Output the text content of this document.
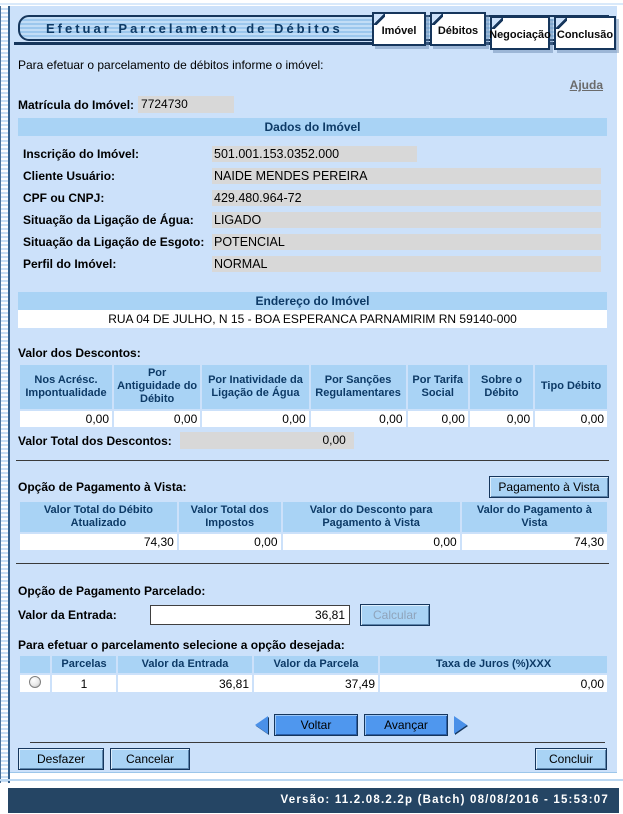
Efetuar Parcelamento de Débitos	Imóvel Débitos Negociação Conclusão
Para efetuar o parcelamento de débitos informe o imóvel:
Ajuda
Matrícula do Imóvel: 7724730
Dados do Imóvel
Inscrição do Imóvel:	501.001.153.0352.000
Cliente Usuário:	NAIDE MENDES PEREIRA
CPF ou CNPJ:	429.480.964-72
Situação da Ligação de Água:	LIGADO
Situação da Ligação de Esgoto: POTENCIAL
Perfil do Imóvel:	NORMAL
Endereço do Imóvel
RUA 04 DE JULHO, N 15 - BOA ESPERANCA PARNAMIRIM RN 59140-000
Valor dos Descontos:
Nos Acrésc. Impontualidade	Por Antiguidade do Débito	Por Inatividade da Ligação de Água	Por Sanções Regulamentares	Por Tarifa Social	Sobre o Débito	Tipo Débito
0,00	0,00	0,00	0,00	0,00	0,00	0,00
Valor Total dos Descontos:	0,00
Opção de Pagamento à Vista:	Pagamento à Vista
Valor Total do Débito Atualizado	Valor Total dos Impostos	Valor do Desconto para Pagamento à Vista	Valor do Pagamento à Vista
74,30	0,00	0,00	74,30
Opção de Pagamento Parcelado:
Valor da Entrada:
36,81	Calcular
Para efetuar o parcelamento selecione a opção desejada:
	Parcelas	Valor da Entrada	Valor da Parcela	Taxa de Juros (%)XXX
	1	36,81	37,49	0,00
Voltar	Avançar
Desfazer	Cancelar	Concluir
Versão: 11.2.08.2.2p (Batch) 08/08/2016 - 15:53:07
